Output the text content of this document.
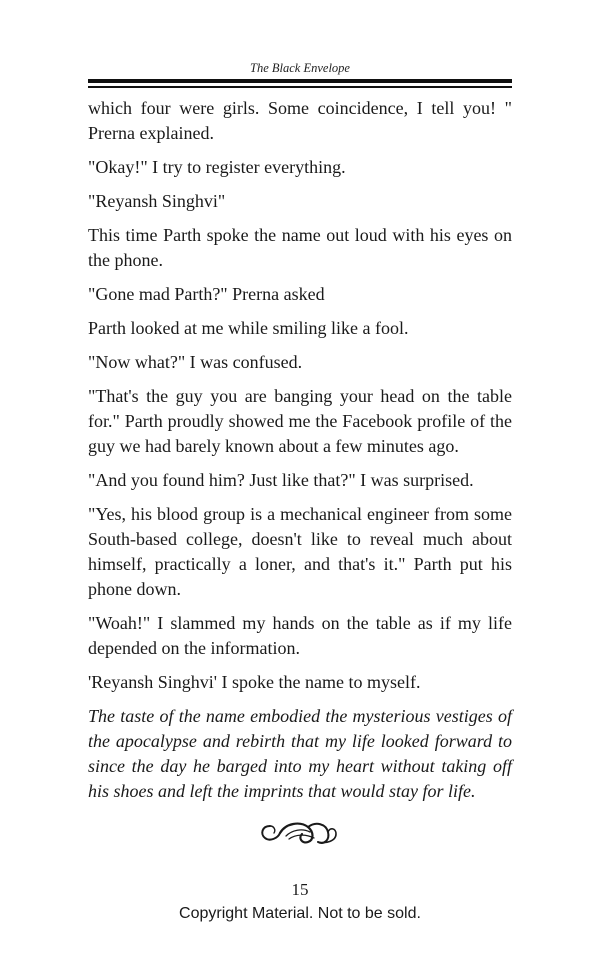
The Black Envelope

which four were girls. Some coincidence, I tell you! " Prerna explained.

"Okay!" I try to register everything.

"Reyansh Singhvi"

This time Parth spoke the name out loud with his eyes on the phone.

"Gone mad Parth?" Prerna asked

Parth looked at me while smiling like a fool.

"Now what?" I was confused.

"That's the guy you are banging your head on the table for." Parth proudly showed me the Facebook profile of the guy we had barely known about a few minutes ago.

"And you found him? Just like that?" I was surprised.

"Yes, his blood group is a mechanical engineer from some South-based college, doesn't like to reveal much about himself, practically a loner, and that's it." Parth put his phone down.

"Woah!" I slammed my hands on the table as if my life depended on the information.

'Reyansh Singhvi' I spoke the name to myself.

The taste of the name embodied the mysterious vestiges of the apocalypse and rebirth that my life looked forward to since the day he barged into my heart without taking off his shoes and left the imprints that would stay for life.

15
Copyright Material. Not to be sold.
